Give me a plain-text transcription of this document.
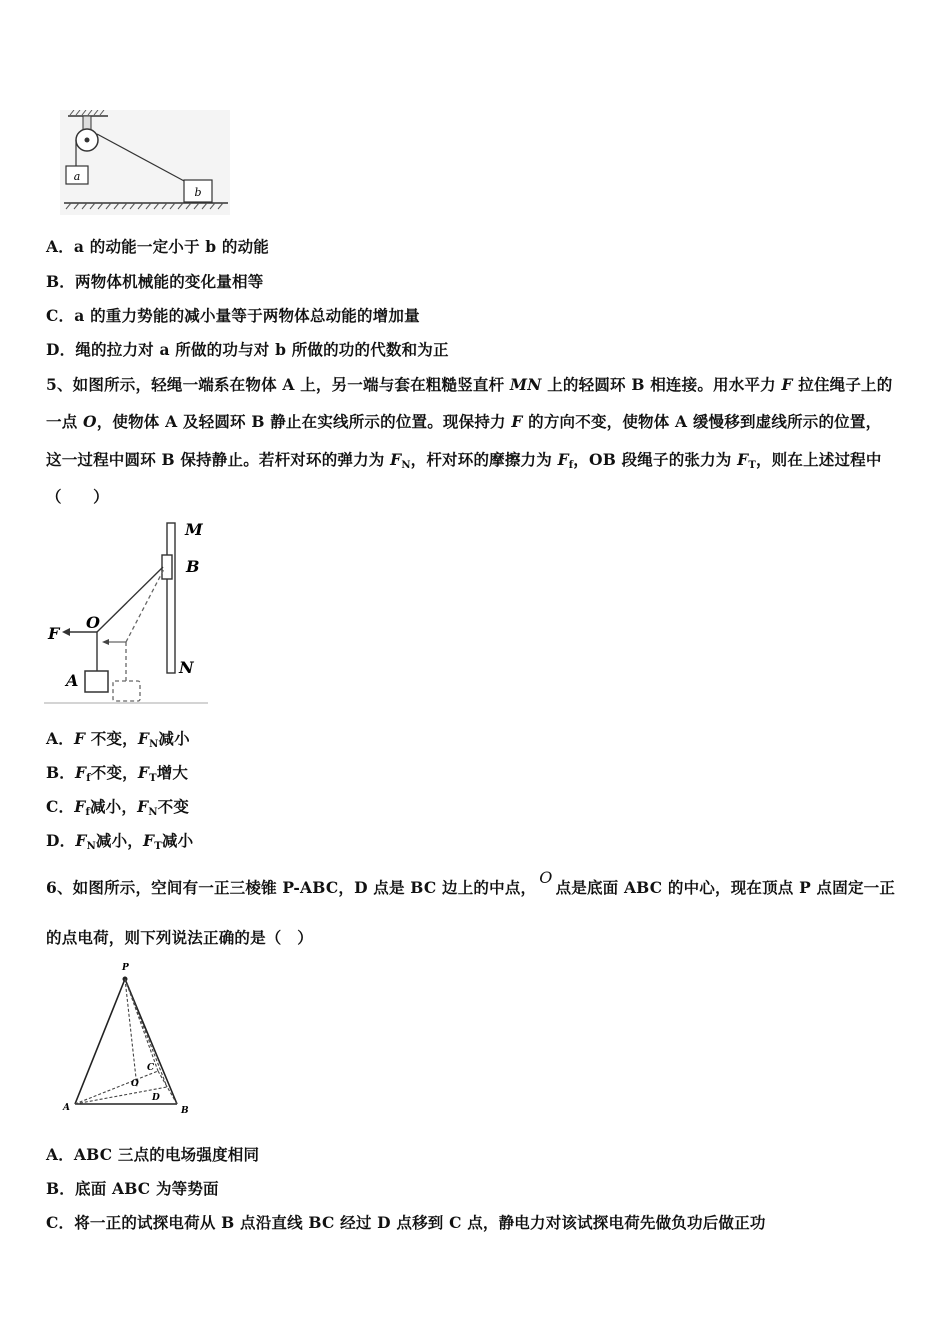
a
b
A．a 的动能一定小于 b 的动能
B．两物体机械能的变化量相等
C．a 的重力势能的减小量等于两物体总动能的增加量
D．绳的拉力对 a 所做的功与对 b 所做的功的代数和为正
5、如图所示，轻绳一端系在物体 A 上，另一端与套在粗糙竖直杆 MN 上的轻圆环 B 相连接。用水平力 F 拉住绳子上的
一点 O，使物体 A 及轻圆环 B 静止在实线所示的位置。现保持力 F 的方向不变，使物体 A 缓慢移到虚线所示的位置，
这一过程中圆环 B 保持静止。若杆对环的弹力为 $F_N$，杆对环的摩擦力为 $F_f$，OB 段绳子的张力为 $F_T$，则在上述过程中
（　　）
M
B
N
F
O
A
A．F 不变，$F_N$减小
B．$F_f$不变，$F_T$增大
C．$F_f$减小，$F_N$不变
D．$F_N$减小，$F_T$减小
6、如图所示，空间有一正三棱锥 P-ABC，D 点是 BC 边上的中点，O点是底面 ABC 的中心，现在顶点 P 点固定一正
的点电荷，则下列说法正确的是（　）
P
A	B
C
O
D
A．ABC 三点的电场强度相同
B．底面 ABC 为等势面
C．将一正的试探电荷从 B 点沿直线 BC 经过 D 点移到 C 点，静电力对该试探电荷先做负功后做正功
